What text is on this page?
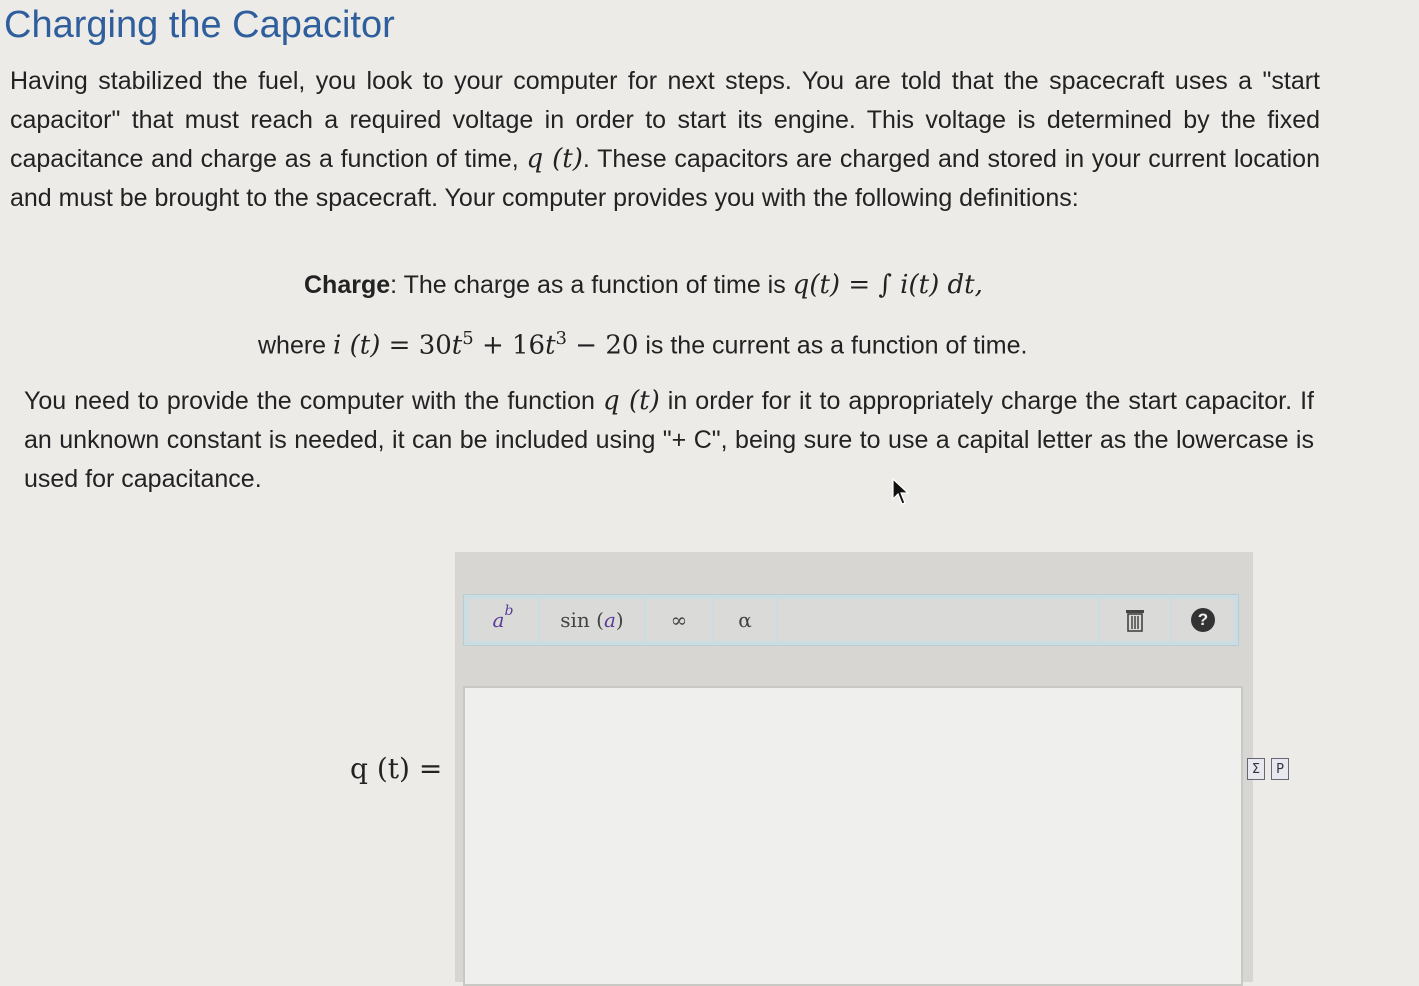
Charging the Capacitor

Having stabilized the fuel, you look to your computer for next steps. You are told that the spacecraft uses a "start capacitor" that must reach a required voltage in order to start its engine. This voltage is determined by the fixed capacitance and charge as a function of time, q (t). These capacitors are charged and stored in your current location and must be brought to the spacecraft. Your computer provides you with the following definitions:

Charge: The charge as a function of time is q(t) = ∫ i(t) dt,
where i $(t) = 30t^5 + 16t^3 - 20$ is the current as a function of time.

You need to provide the computer with the function q (t) in order for it to appropriately charge the start capacitor. If an unknown constant is needed, it can be included using "+ C", being sure to use a capital letter as the lowercase is used for capacitance.

q (t) =
a b sin ( a ) ∞	α	?
Σ	P
